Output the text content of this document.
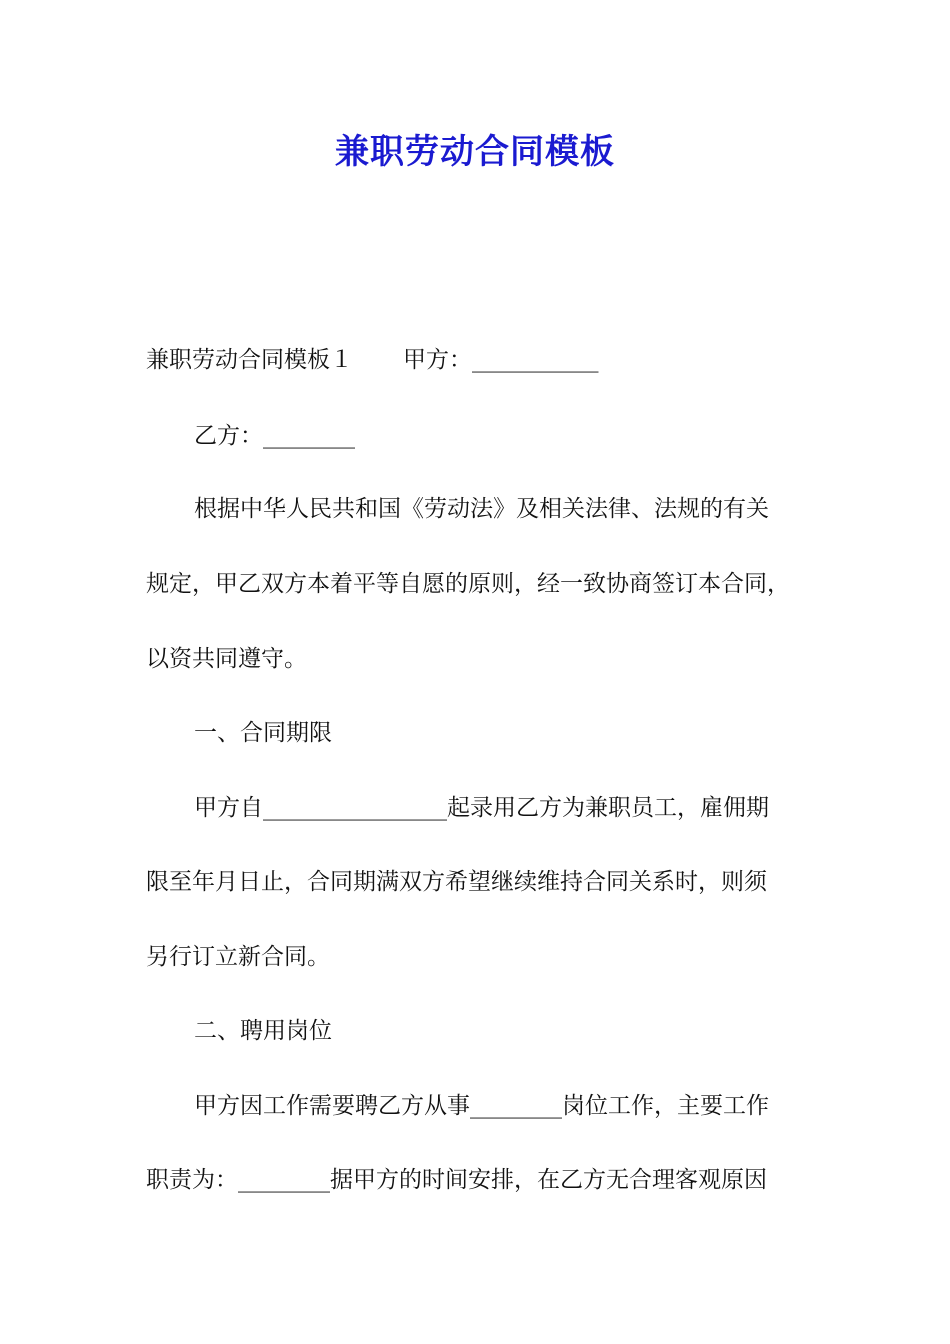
兼职劳动合同模板
兼职劳动合同模板１ 甲方：___________
乙方：________
根据中华人民共和国《劳动法》及相关法律、法规的有关
规定，甲乙双方本着平等自愿的原则，经一致协商签订本合同，
以资共同遵守。
一、合同期限
甲方自________________起录用乙方为兼职员工，雇佣期
限至年月日止，合同期满双方希望继续维持合同关系时，则须
另行订立新合同。
二、聘用岗位
甲方因工作需要聘乙方从事________岗位工作，主要工作
职责为：________据甲方的时间安排，在乙方无合理客观原因
